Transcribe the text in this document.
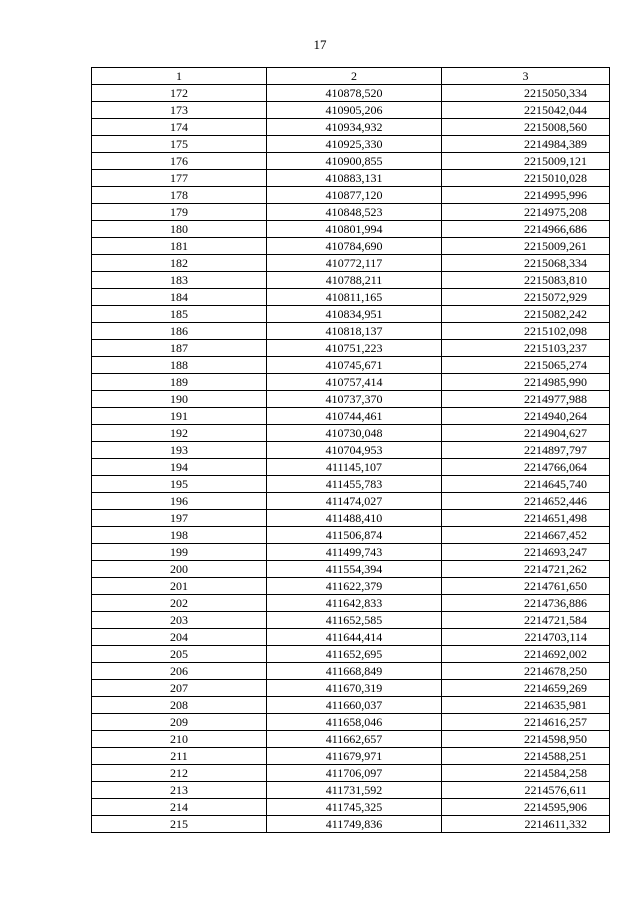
17
1	2	3
172	410878,520	2215050,334
173	410905,206	2215042,044
174	410934,932	2215008,560
175	410925,330	2214984,389
176	410900,855	2215009,121
177	410883,131	2215010,028
178	410877,120	2214995,996
179	410848,523	2214975,208
180	410801,994	2214966,686
181	410784,690	2215009,261
182	410772,117	2215068,334
183	410788,211	2215083,810
184	410811,165	2215072,929
185	410834,951	2215082,242
186	410818,137	2215102,098
187	410751,223	2215103,237
188	410745,671	2215065,274
189	410757,414	2214985,990
190	410737,370	2214977,988
191	410744,461	2214940,264
192	410730,048	2214904,627
193	410704,953	2214897,797
194	411145,107	2214766,064
195	411455,783	2214645,740
196	411474,027	2214652,446
197	411488,410	2214651,498
198	411506,874	2214667,452
199	411499,743	2214693,247
200	411554,394	2214721,262
201	411622,379	2214761,650
202	411642,833	2214736,886
203	411652,585	2214721,584
204	411644,414	2214703,114
205	411652,695	2214692,002
206	411668,849	2214678,250
207	411670,319	2214659,269
208	411660,037	2214635,981
209	411658,046	2214616,257
210	411662,657	2214598,950
211	411679,971	2214588,251
212	411706,097	2214584,258
213	411731,592	2214576,611
214	411745,325	2214595,906
215	411749,836	2214611,332
